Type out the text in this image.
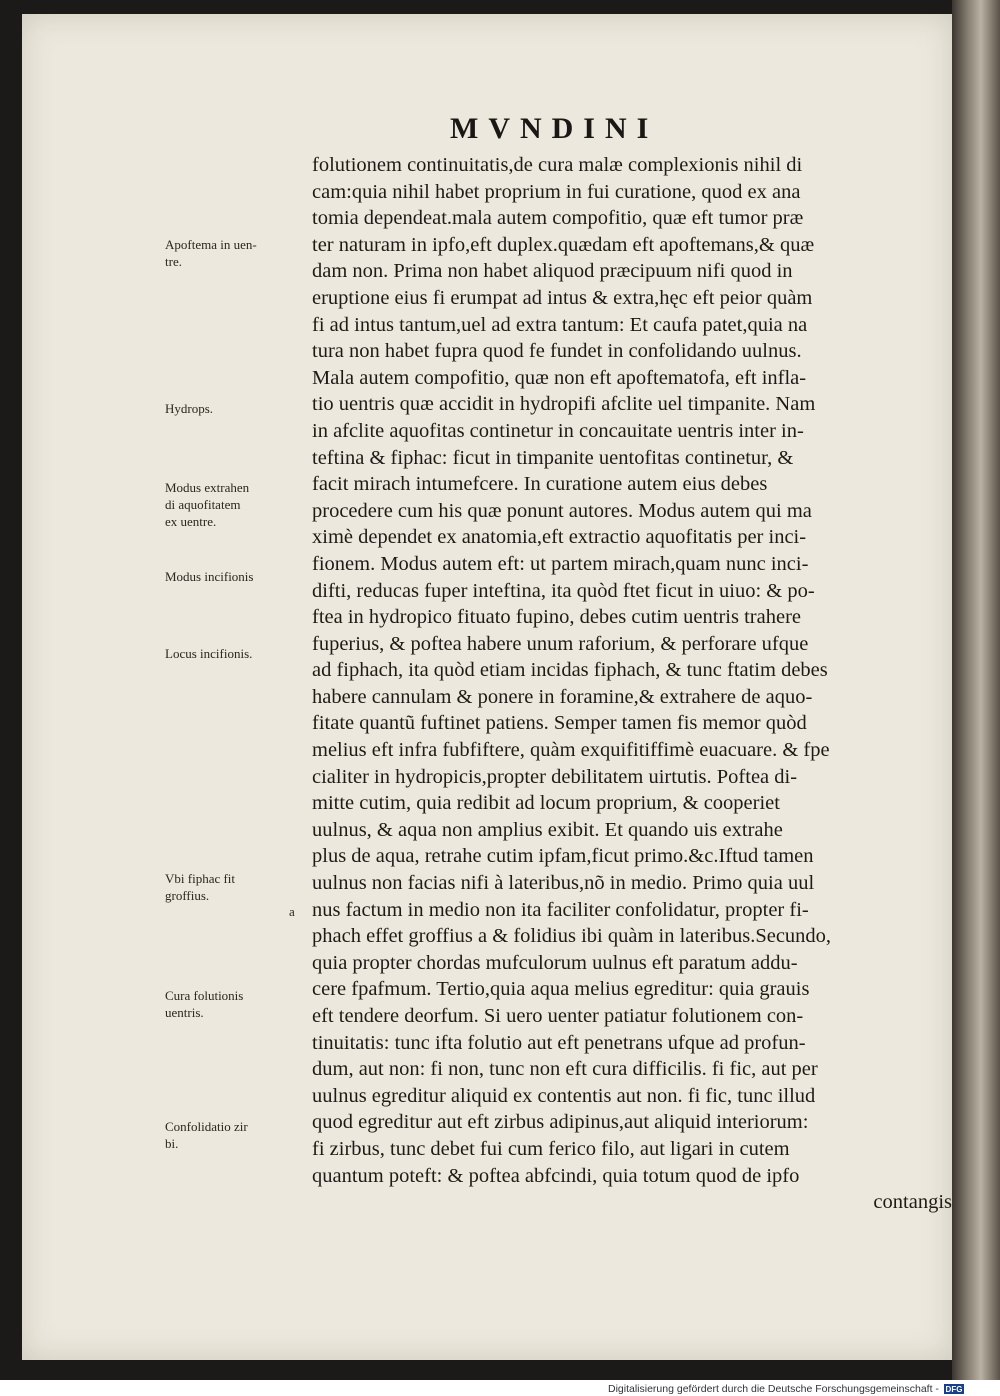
MVNDINI
folutionem continuitatis,de cura malæ complexionis nihil di
cam:quia nihil habet proprium in fui curatione, quod ex ana
tomia dependeat.mala autem compofitio, quæ eft tumor præ
ter naturam in ipfo,eft duplex.quædam eft apoftemans,& quæ
dam non. Prima non habet aliquod præcipuum nifi quod in
eruptione eius fi erumpat ad intus & extra,hęc eft peior quàm
fi ad intus tantum,uel ad extra tantum: Et caufa patet,quia na
tura non habet fupra quod fe fundet in confolidando uulnus.
Mala autem compofitio, quæ non eft apoftematofa, eft infla-
tio uentris quæ accidit in hydropifi afclite uel timpanite. Nam
in afclite aquofitas continetur in concauitate uentris inter in-
teftina & fiphac: ficut in timpanite uentofitas continetur, &
facit mirach intumefcere. In curatione autem eius debes
procedere cum his quæ ponunt autores. Modus autem qui ma
ximè dependet ex anatomia,eft extractio aquofitatis per inci-
fionem. Modus autem eft: ut partem mirach,quam nunc inci-
difti, reducas fuper inteftina, ita quòd ftet ficut in uiuo: & po-
ftea in hydropico fituato fupino, debes cutim uentris trahere
fuperius, & poftea habere unum raforium, & perforare ufque
ad fiphach, ita quòd etiam incidas fiphach, & tunc ftatim debes
habere cannulam & ponere in foramine,& extrahere de aquo-
fitate quantũ fuftinet patiens. Semper tamen fis memor quòd
melius eft infra fubfiftere, quàm exquifitiffimè euacuare. & fpe
cialiter in hydropicis,propter debilitatem uirtutis. Poftea di-
mitte cutim, quia redibit ad locum proprium, & cooperiet
uulnus, & aqua non amplius exibit. Et quando uis extrahe
plus de aqua, retrahe cutim ipfam,ficut primo.&c.Iftud tamen
uulnus non facias nifi à lateribus,nõ in medio. Primo quia uul
nus factum in medio non ita faciliter confolidatur, propter fi-
phach effet groffius a & folidius ibi quàm in lateribus.Secundo,
quia propter chordas mufculorum uulnus eft paratum addu-
cere fpafmum. Tertio,quia aqua melius egreditur: quia grauis
eft tendere deorfum. Si uero uenter patiatur folutionem con-
tinuitatis: tunc ifta folutio aut eft penetrans ufque ad profun-
dum, aut non: fi non, tunc non eft cura difficilis. fi fic, aut per
uulnus egreditur aliquid ex contentis aut non. fi fic, tunc illud
quod egreditur aut eft zirbus adipinus,aut aliquid interiorum:
fi zirbus, tunc debet fui cum ferico filo, aut ligari in cutem
quantum poteft: & poftea abfcindi, quia totum quod de ipfo
contangis
Apoftema in uen-
tre.
Hydrops.
Modus extrahen
di aquofitatem
ex uentre.
Modus incifionis
Locus incifionis.
Vbi fiphac fit
groffius.
Cura folutionis
uentris.
Confolidatio zir
bi.
a
Digitalisierung gefördert durch die Deutsche Forschungsgemeinschaft - DFG
